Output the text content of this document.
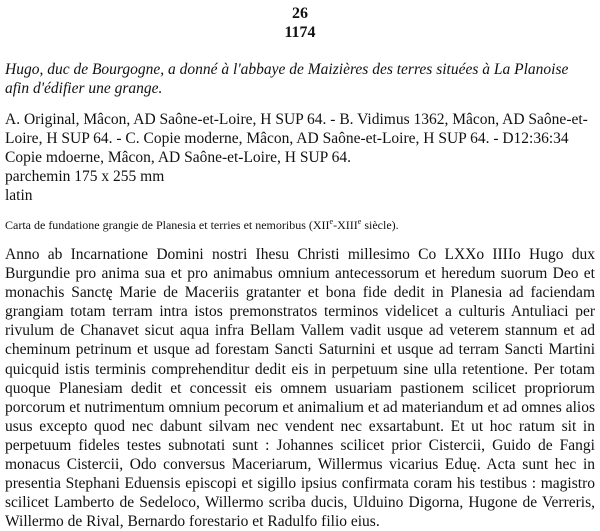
26
1174
Hugo, duc de Bourgogne, a donné à l'abbaye de Maizières des terres situées à La Planoise afin d'édifier une grange.
A. Original, Mâcon, AD Saône-et-Loire, H SUP 64. - B. Vidimus 1362, Mâcon, AD Saône-et-Loire, H SUP 64. - C. Copie moderne, Mâcon, AD Saône-et-Loire, H SUP 64. - D12:36:34 Copie mdoerne, Mâcon, AD Saône-et-Loire, H SUP 64.
parchemin 175 x 255 mm
latin
Carta de fundatione grangie de Planesia et terries et nemoribus (XIIe-XIIIe siècle).
Anno ab Incarnatione Domini nostri Ihesu Christi millesimo Co LXXo IIIIo Hugo dux Burgundie pro anima sua et pro animabus omnium antecessorum et heredum suorum Deo et monachis Sanctę Marie de Maceriis gratanter et bona fide dedit in Planesia ad faciendam grangiam totam terram intra istos premonstratos terminos videlicet a culturis Antuliaci per rivulum de Chanavet sicut aqua infra Bellam Vallem vadit usque ad veterem stannum et ad cheminum petrinum et usque ad forestam Sancti Saturnini et usque ad terram Sancti Martini quicquid istis terminis comprehenditur dedit eis in perpetuum sine ulla retentione. Per totam quoque Planesiam dedit et concessit eis omnem usuariam pastionem scilicet propriorum porcorum et nutrimentum omnium pecorum et animalium et ad materiandum et ad omnes alios usus excepto quod nec dabunt silvam nec vendent nec exsartabunt. Et ut hoc ratum sit in perpetuum fideles testes subnotati sunt : Johannes scilicet prior Cistercii, Guido de Fangi monacus Cistercii, Odo conversus Maceriarum, Willermus vicarius Eduę. Acta sunt hec in presentia Stephani Eduensis episcopi et sigillo ipsius confirmata coram his testibus : magistro scilicet Lamberto de Sedeloco, Willermo scriba ducis, Ulduino Digorna, Hugone de Verreris, Willermo de Rival, Bernardo forestario et Radulfo filio eius.
